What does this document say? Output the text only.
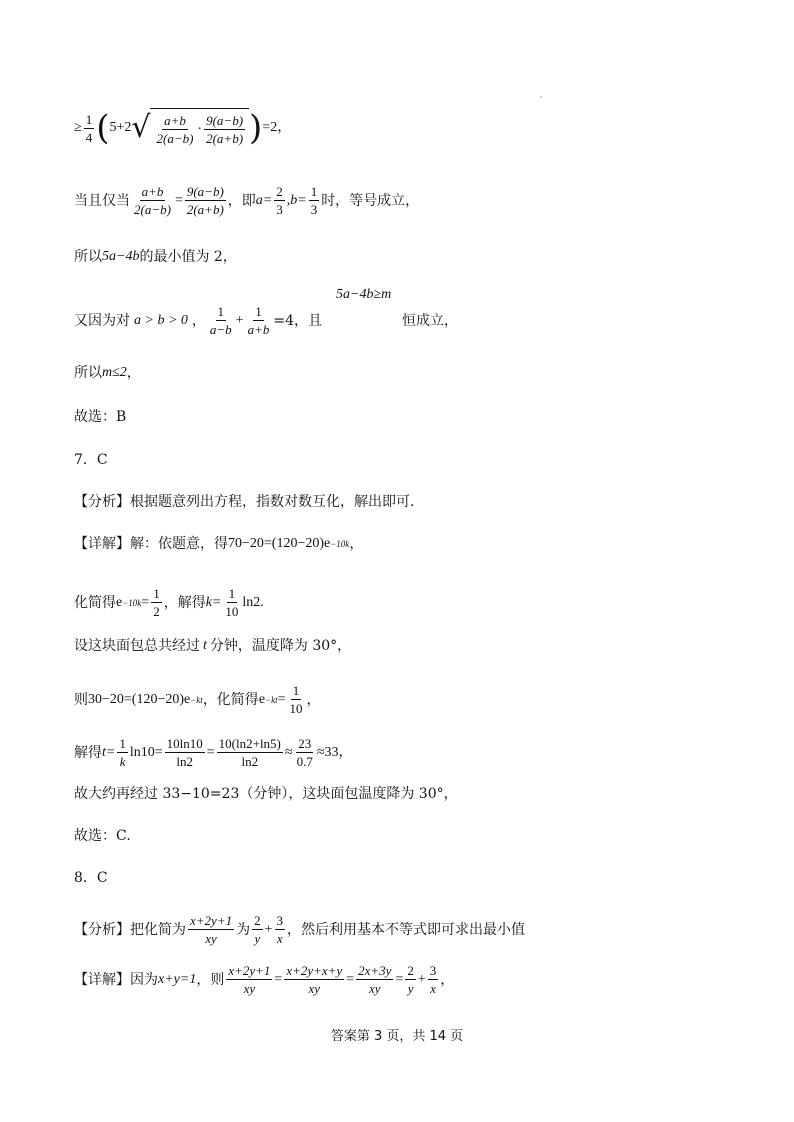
≥ $\frac{1}{4}$ ( 5+2 √ $\frac{a+b}{2(a-b)} \cdot \frac{9(a-b)}{2(a+b)}$ ) =2，
当且仅当 $\frac{a+b}{2(a-b)} = \frac{9(a-b)}{2(a+b)}$ ，即 $a= \frac{2}{3} ,b= \frac{1}{3}$ 时，等号成立，
所以 5a−4b 的最小值为 2，
5a−4b≥m
又因为对 a > b > 0 ， $\frac{1}{a-b} + \frac{1}{a+b} =4$，且	恒成立，
所以 m≤2 ，
故选：B
7．C
【分析】 根据题意列出方程，指数对数互化，解出即可.
【详解】 解：依题意，得 70−20=(120−20)e −10k ，
化简得 $e -10k = \frac{1}{2}$ ，解得 $k= \frac{1}{10} \ln 2$.
设这块面包总共经过 t 分钟，温度降为 30°，
则 30−20=(120−20)e −kt ，化简得 $e -kt = \frac{1}{10}$ ，
解得 $t= \frac{1}{k} \ln 10= \frac{10\ln 10}{\ln 2} = \frac{10(\ln 2+\ln 5)}{\ln 2} \approx \frac{23}{0.7} \approx 33$，
故大约再经过 33−10=23（分钟），这块面包温度降为 30°，
故选：C.
8．C
【分析】 把化简为 $\frac{x+2y+1}{xy}$ 为 $\frac{2}{y} + \frac{3}{x}$ ，然后利用基本不等式即可求出最小值
【详解】 因为 x+y=1 ，则 $\frac{x+2y+1}{xy} = \frac{x+2y+x+y}{xy} = \frac{2x+3y}{xy} = \frac{2}{y} + \frac{3}{x}$ ，
答案第 3 页，共 14 页
